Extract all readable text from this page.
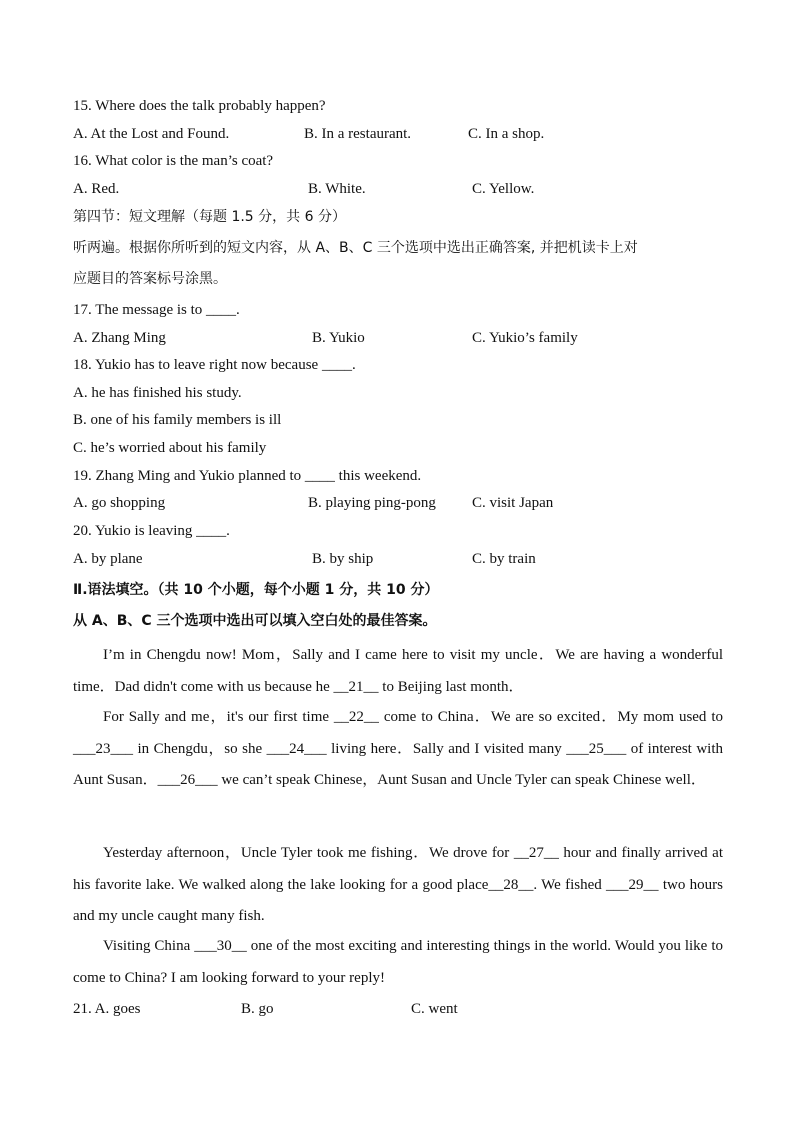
15. Where does the talk probably happen?
A. At the Lost and Found.	B. In a restaurant.	C. In a shop.
16. What color is the man’s coat?
A. Red.	B. White.	C. Yellow.
第四节：短文理解（每题 1.5 分，共 6 分）
听两遍。根据你所听到的短文内容，从 A、B、C 三个选项中选出正确答案, 并把机读卡上对
应题目的答案标号涂黑。
17. The message is to ____.
A. Zhang Ming	B. Yukio	C. Yukio’s family
18. Yukio has to leave right now because ____.
A. he has finished his study.
B. one of his family members is ill
C. he’s worried about his family
19. Zhang Ming and Yukio planned to ____ this weekend.
A. go shopping	B. playing ping-pong C. visit Japan
20. Yukio is leaving ____.
A. by plane	B. by ship	C. by train
Ⅱ.语法填空。（共 10 个小题，每个小题 1 分，共 10 分）
从 A、B、C 三个选项中选出可以填入空白处的最佳答案。
I’m in Chengdu now! Mom，Sally and I came here to visit my uncle．We are having a wonderful time．Dad didn't come with us because he __21__ to Beijing last month．
For Sally and me，it's our first time __22__ come to China．We are so excited．My mom used to ___23___ in Chengdu，so she ___24___ living here．Sally and I visited many ___25___ of interest with Aunt Susan．___26___ we can’t speak Chinese，Aunt Susan and Uncle Tyler can speak Chinese well．
Yesterday afternoon，Uncle Tyler took me fishing．We drove for __27__ hour and finally arrived at his favorite lake. We walked along the lake looking for a good place__28__. We fished ___29__ two hours and my uncle caught many fish.
Visiting China ___30__ one of the most exciting and interesting things in the world. Would you like to come to China? I am looking forward to your reply!
21. A. goes	B. go	C. went
